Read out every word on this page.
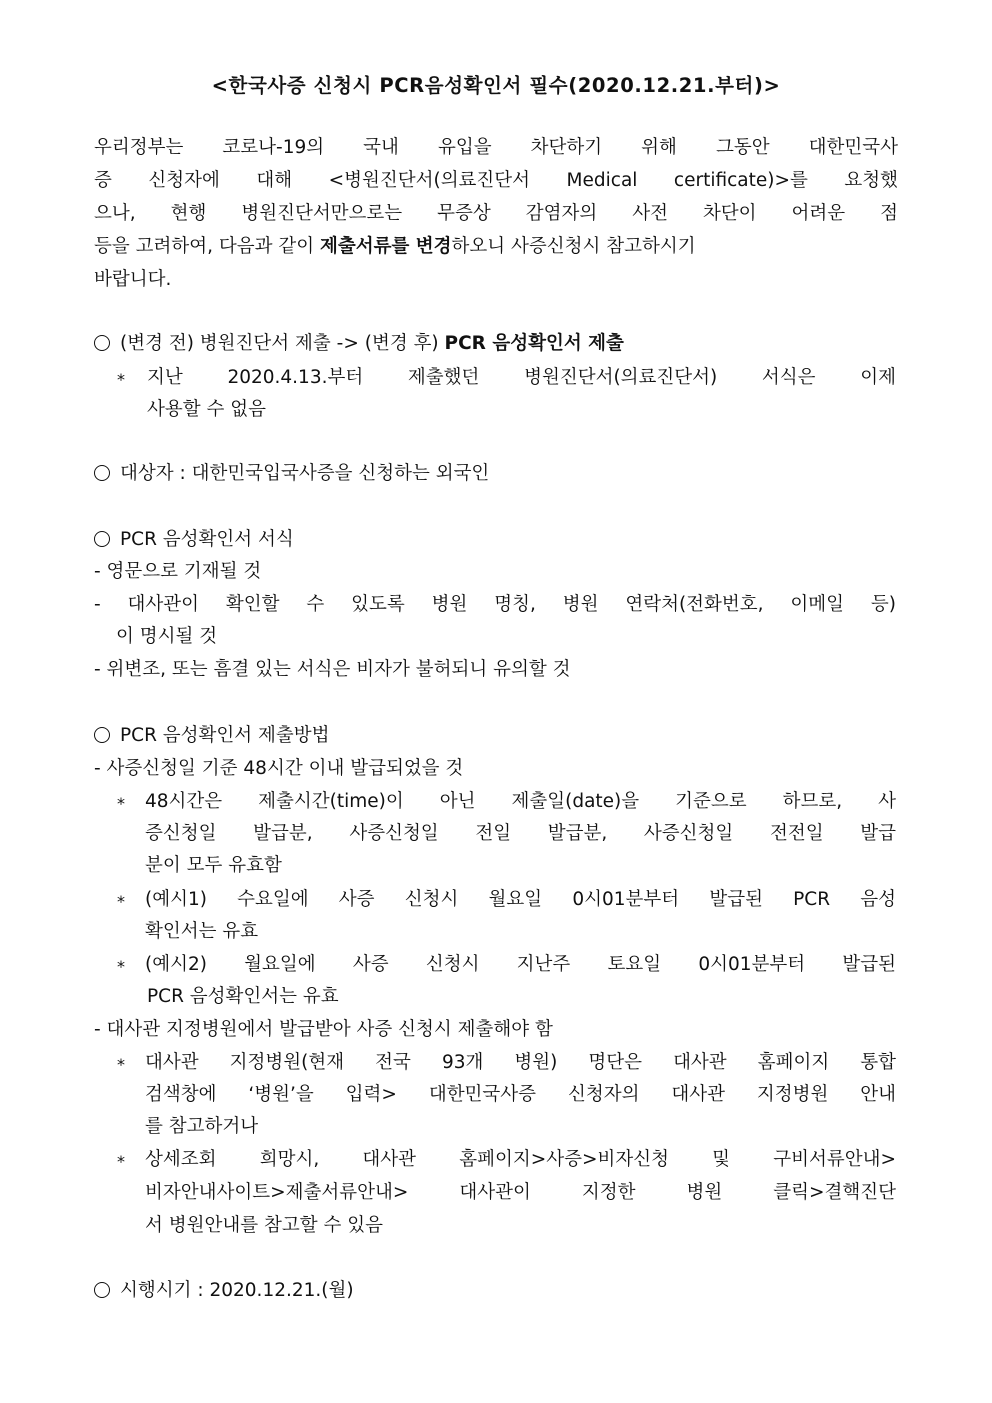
<한국사증 신청시 PCR음성확인서 필수(2020.12.21.부터)>

우리정부는 코로나-19의 국내 유입을 차단하기 위해 그동안 대한민국사

증 신청자에 대해 <병원진단서(의료진단서 Medical certificate)>를 요청했

으나, 현행 병원진단서만으로는 무증상 감염자의 사전 차단이 어려운 점

등을 고려하여, 다음과 같이 제출서류를 변경 하오니 사증신청시 참고하시기

바랍니다.

(변경 전) 병원진단서 제출 -> (변경 후) PCR 음성확인서 제출

* 지난 2020.4.13.부터 제출했던 병원진단서(의료진단서) 서식은 이제

사용할 수 없음

대상자 : 대한민국입국사증을 신청하는 외국인

PCR 음성확인서 서식

- 영문으로 기재될 것

- 대사관이 확인할 수 있도록 병원 명칭, 병원 연락처(전화번호, 이메일 등)

이 명시될 것

- 위변조, 또는 흠결 있는 서식은 비자가 불허되니 유의할 것

PCR 음성확인서 제출방법

- 사증신청일 기준 48시간 이내 발급되었을 것

* 48시간은 제출시간(time)이 아닌 제출일(date)을 기준으로 하므로, 사

증신청일 발급분, 사증신청일 전일 발급분, 사증신청일 전전일 발급

분이 모두 유효함

* (예시1) 수요일에 사증 신청시 월요일 0시01분부터 발급된 PCR 음성

확인서는 유효

* (예시2) 월요일에 사증 신청시 지난주 토요일 0시01분부터 발급된

PCR 음성확인서는 유효

- 대사관 지정병원에서 발급받아 사증 신청시 제출해야 함

* 대사관 지정병원(현재 전국 93개 병원) 명단은 대사관 홈페이지 통합

검색창에 ‘병원’을 입력> 대한민국사증 신청자의 대사관 지정병원 안내

를 참고하거나

* 상세조회 희망시, 대사관 홈페이지>사증>비자신청 및 구비서류안내>

비자안내사이트>제출서류안내> 대사관이 지정한 병원 클릭>결핵진단

서 병원안내를 참고할 수 있음

시행시기 : 2020.12.21.(월)
